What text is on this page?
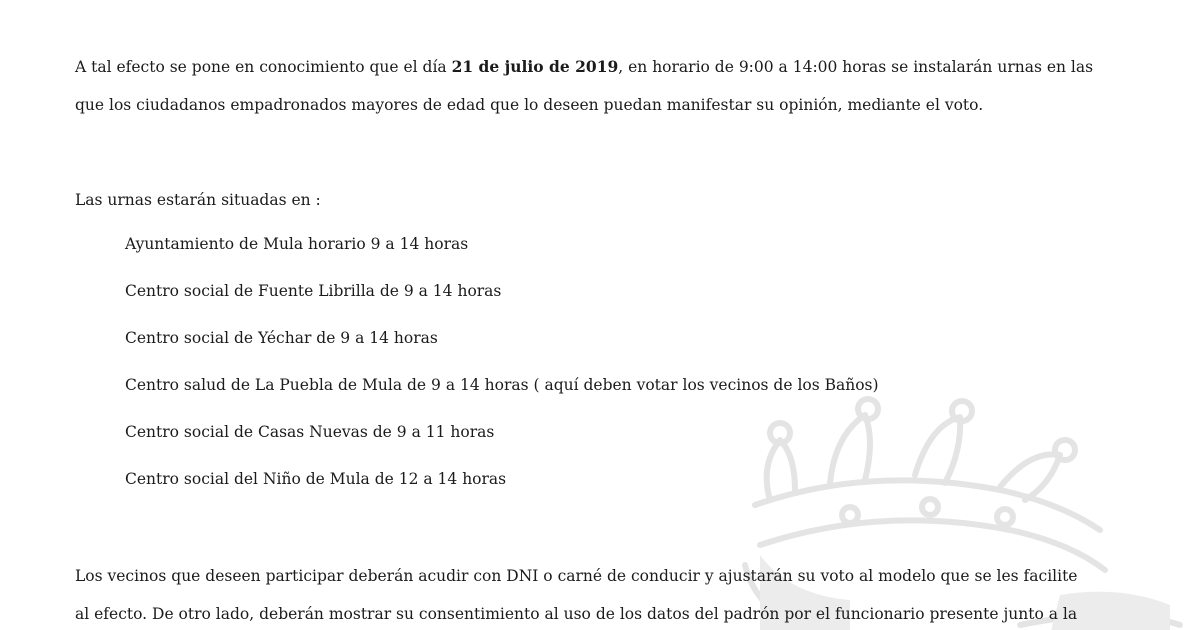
A tal efecto se pone en conocimiento que el día 21 de julio de 2019, en horario de 9:00 a 14:00 horas se instalarán urnas en las
que los ciudadanos empadronados mayores de edad que lo deseen puedan manifestar su opinión, mediante el voto.
Las urnas estarán situadas en :
Ayuntamiento de Mula horario 9 a 14 horas
Centro social de Fuente Librilla de 9 a 14 horas
Centro social de Yéchar de 9 a 14 horas
Centro salud de La Puebla de Mula de 9 a 14 horas ( aquí deben votar los vecinos de los Baños)
Centro social de Casas Nuevas de 9 a 11 horas
Centro social del Niño de Mula de 12 a 14 horas
Los vecinos que deseen participar deberán acudir con DNI o carné de conducir y ajustarán su voto al modelo que se les facilite
al efecto. De otro lado, deberán mostrar su consentimiento al uso de los datos del padrón por el funcionario presente junto a la
